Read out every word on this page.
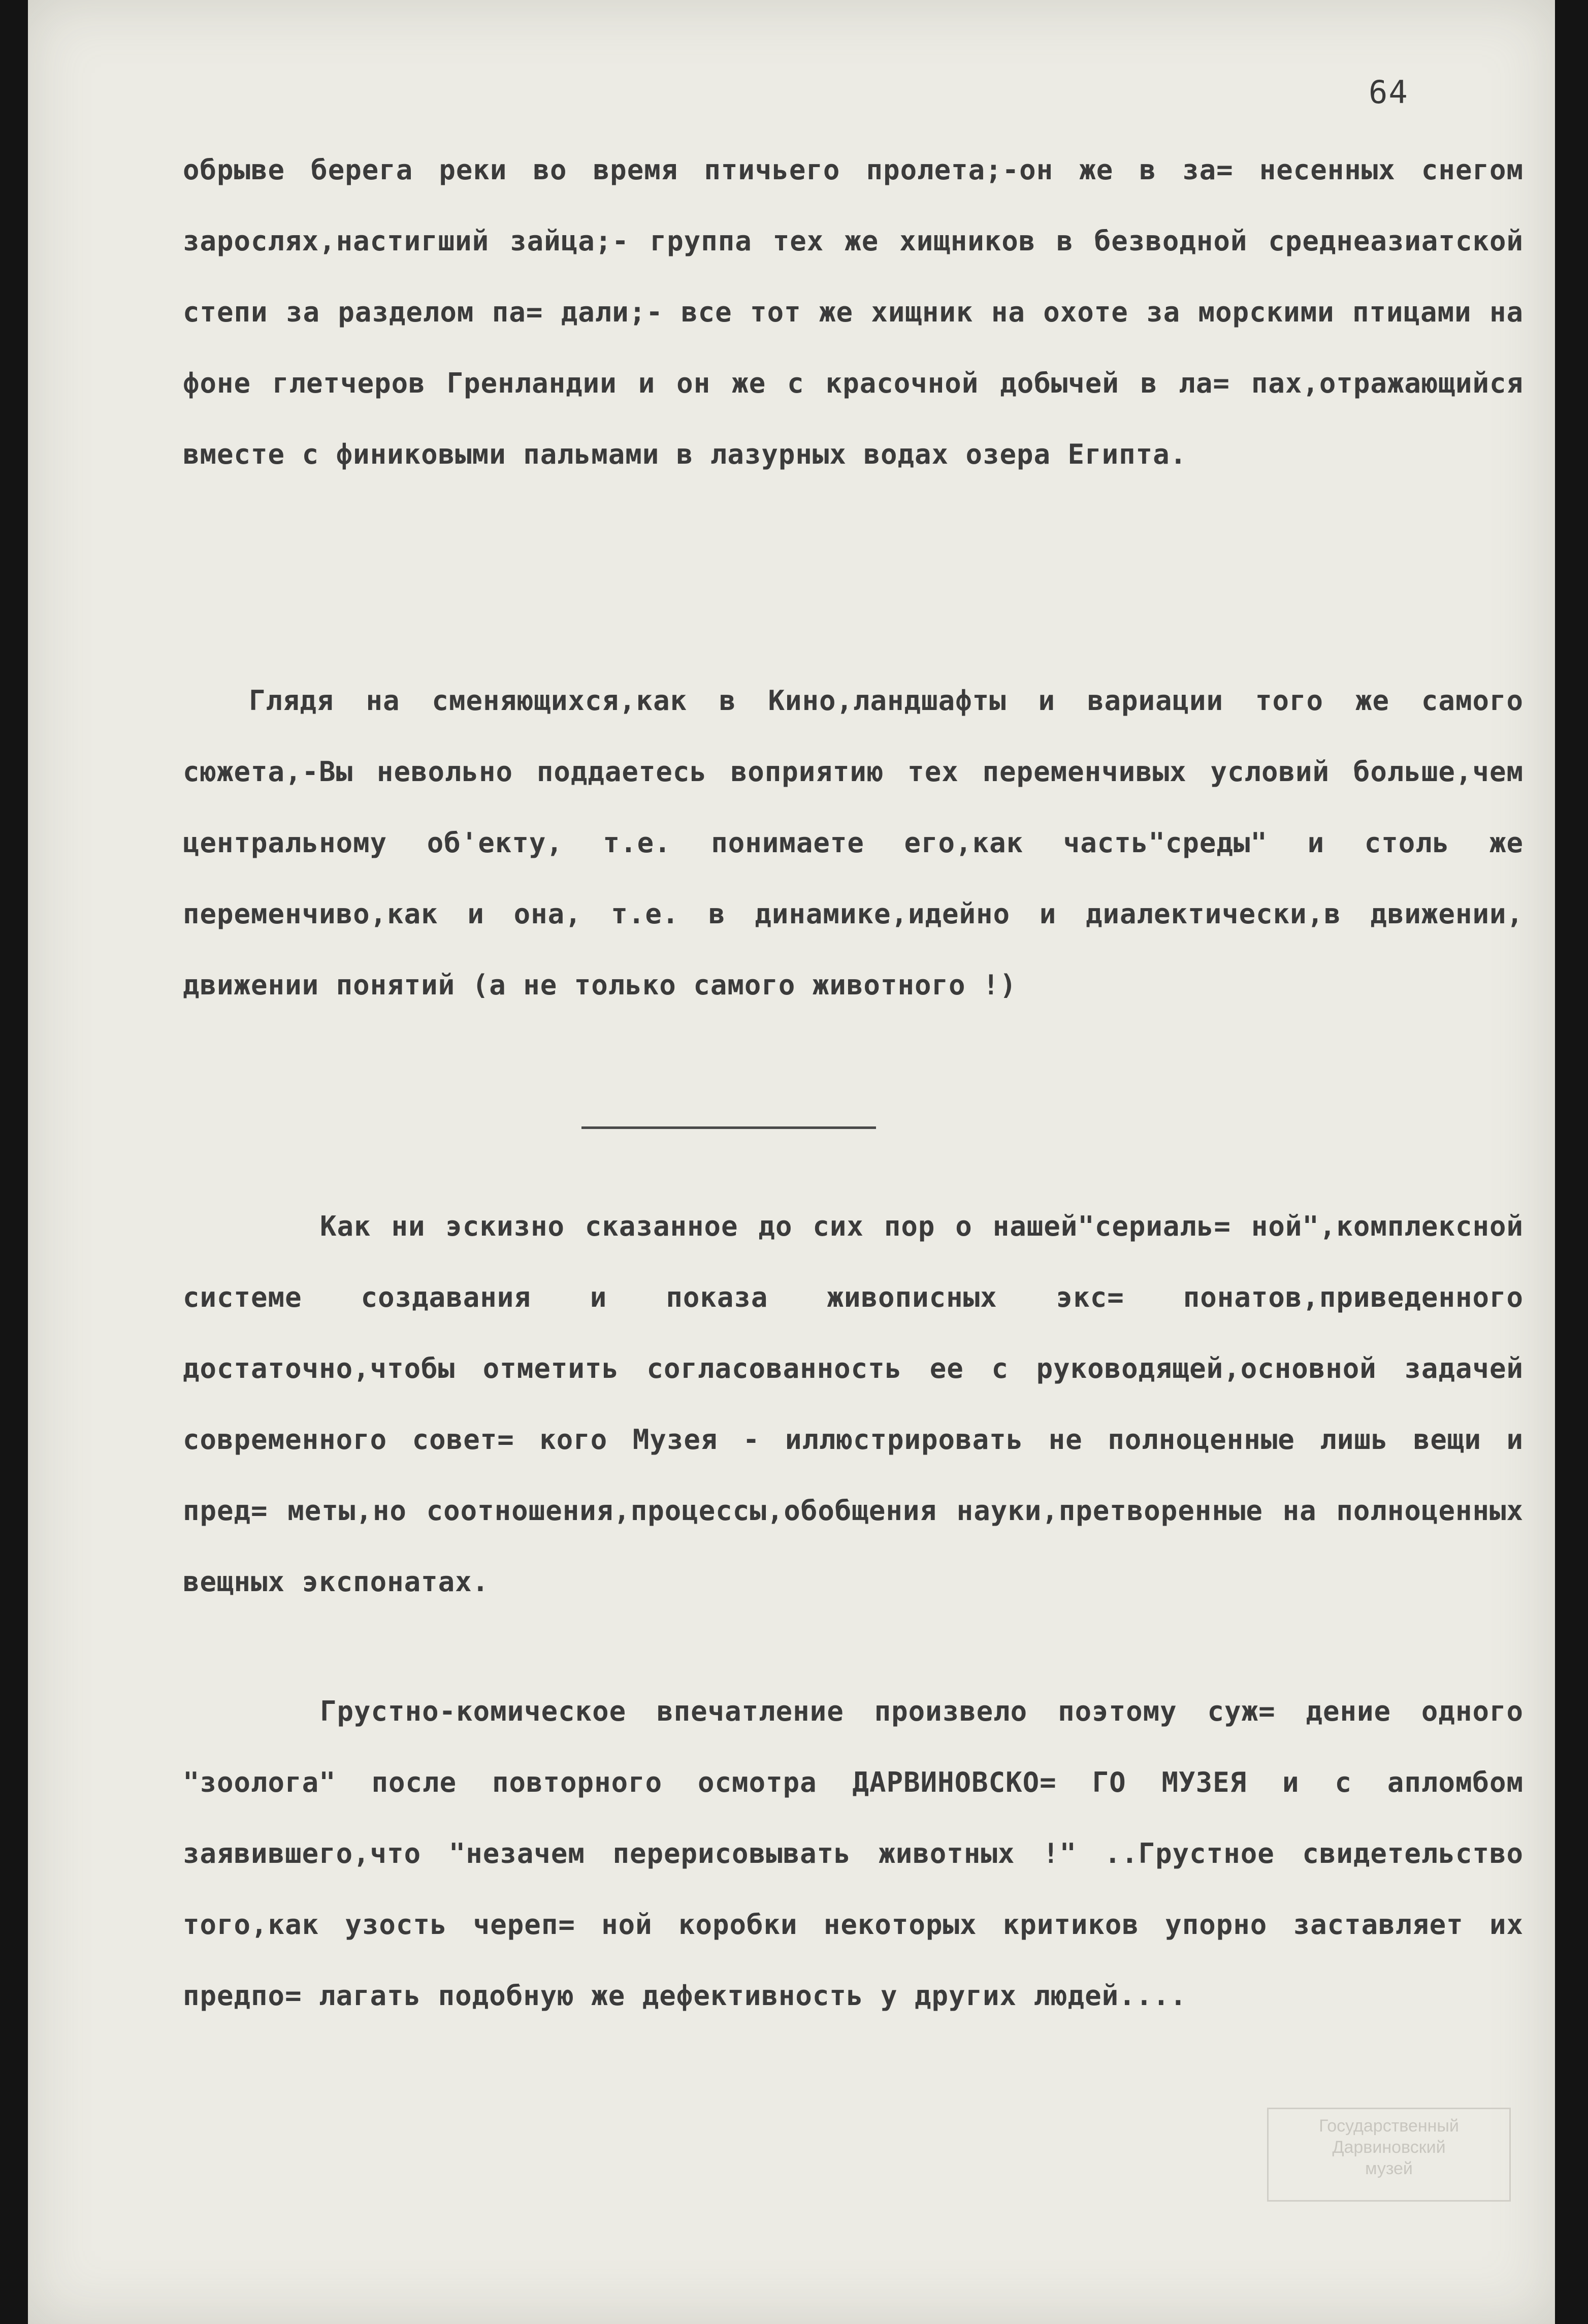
64

обрыве берега реки во время птичьего пролета;-он же в за= несенных снегом зарослях,настигший зайца;- группа тех же хищников в безводной среднеазиатской степи за разделом па= дали;- все тот же хищник на охоте за морскими птицами на фоне глетчеров Гренландии и он же с красочной добычей в ла= пах,отражающийся вместе с финиковыми пальмами в лазурных водах озера Египта.

Глядя на сменяющихся,как в Кино,ландшафты и вариации того же самого сюжета,-Вы невольно поддаетесь воприятию тех переменчивых условий больше,чем центральному об'екту, т.е. понимаете его,как часть"среды" и столь же переменчиво,как и она, т.е. в динамике,идейно и диалектически,в движении, движении понятий (а не только самого животного !)

Как ни эскизно сказанное до сих пор о нашей"сериаль= ной",комплексной системе создавания и показа живописных экс= понатов,приведенного достаточно,чтобы отметить согласованность ее с руководящей,основной задачей современного совет= кого Музея - иллюстрировать не полноценные лишь вещи и пред= меты,но соотношения,процессы,обобщения науки,претворенные на полноценных вещных экспонатах.

Грустно-комическое впечатление произвело поэтому суж= дение одного "зоолога" после повторного осмотра ДАРВИНОВСКО= ГО МУЗЕЯ и с апломбом заявившего,что "незачем перерисовывать животных !" ..Грустное свидетельство того,как узость череп= ной коробки некоторых критиков упорно заставляет их предпо= лагать подобную же дефективность у других людей....

Государственный
Дарвиновский
музей
